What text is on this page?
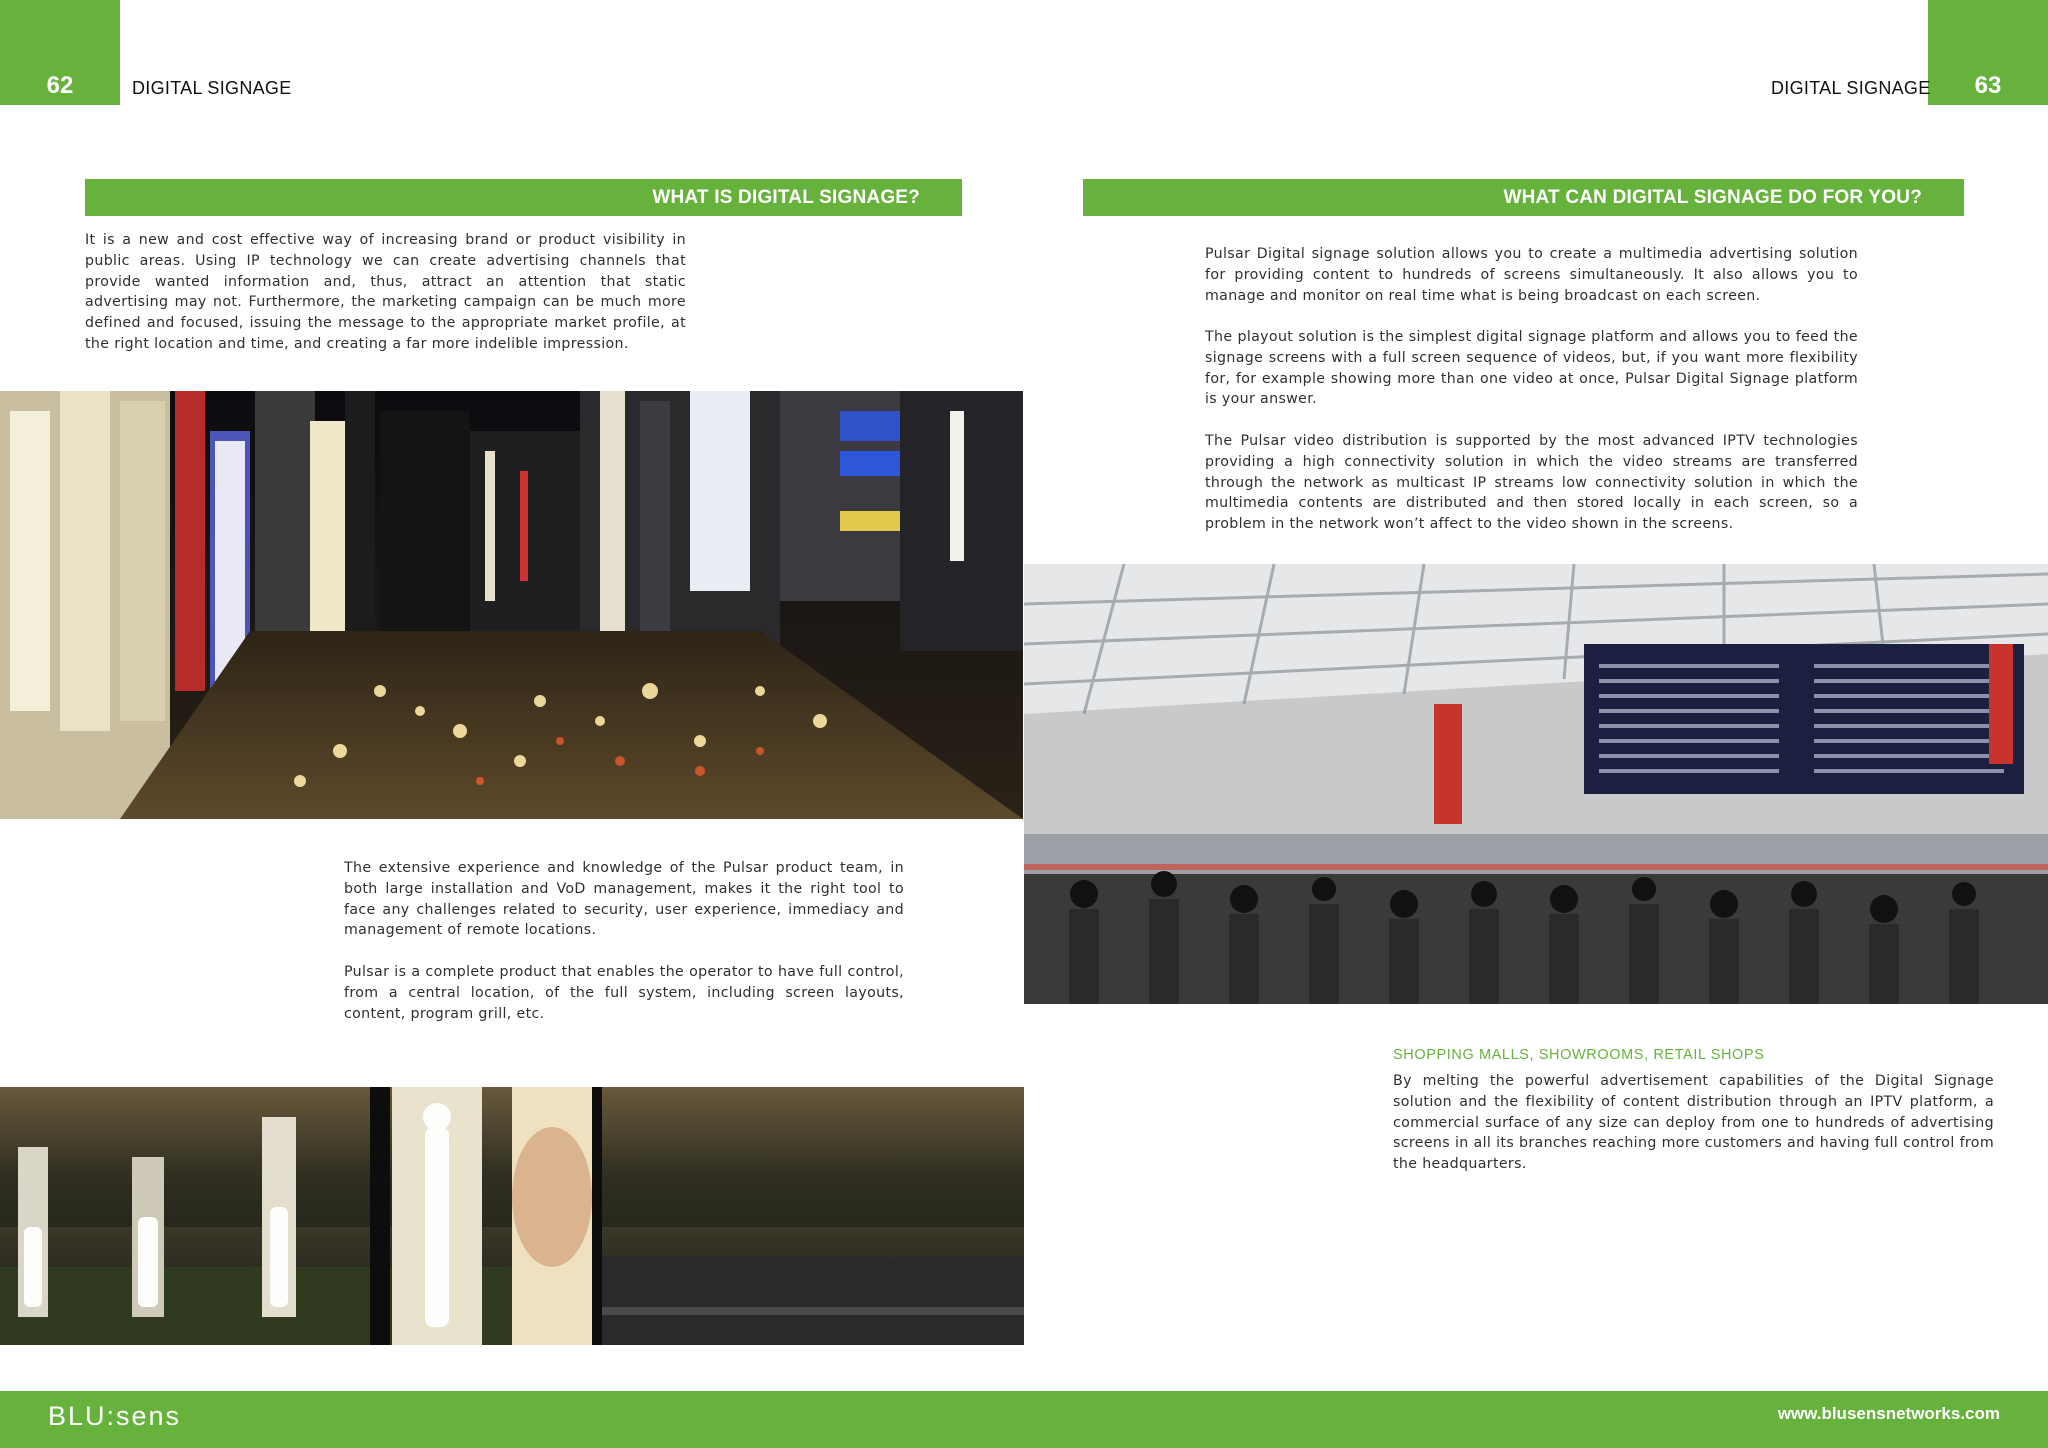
62	DIGITAL SIGNAGE
WHAT IS DIGITAL SIGNAGE?

It is a new and cost effective way of increasing brand or product visibility in public areas. Using IP technology we can create advertising channels that provide wanted information and, thus, attract an attention that static advertising may not. Furthermore, the marketing campaign can be much more defined and focused, issuing the message to the appropriate market profile, at the right location and time, and creating a far more indelible impression.

The extensive experience and knowledge of the Pulsar product team, in both large installation and VoD management, makes it the right tool to face any challenges related to security, user experience, immediacy and management of remote locations.

Pulsar is a complete product that enables the operator to have full control, from a central location, of the full system, including screen layouts, content, program grill, etc.

63
DIGITAL SIGNAGE
WHAT CAN DIGITAL SIGNAGE DO FOR YOU?

Pulsar Digital signage solution allows you to create a multimedia advertising solution for providing content to hundreds of screens simultaneously. It also allows you to manage and monitor on real time what is being broadcast on each screen.

The playout solution is the simplest digital signage platform and allows you to feed the signage screens with a full screen sequence of videos, but, if you want more flexibility for, for example showing more than one video at once, Pulsar Digital Signage platform is your answer.

The Pulsar video distribution is supported by the most advanced IPTV technologies providing a high connectivity solution in which the video streams are transferred through the network as multicast IP streams low connectivity solution in which the multimedia contents are distributed and then stored locally in each screen, so a problem in the network won’t affect to the video shown in the screens.

SHOPPING MALLS, SHOWROOMS, RETAIL SHOPS

By melting the powerful advertisement capabilities of the Digital Signage solution and the flexibility of content distribution through an IPTV platform, a commercial surface of any size can deploy from one to hundreds of advertising screens in all its branches reaching more customers and having full control from the headquarters.

BLU:sens	www.blusensnetworks.com
